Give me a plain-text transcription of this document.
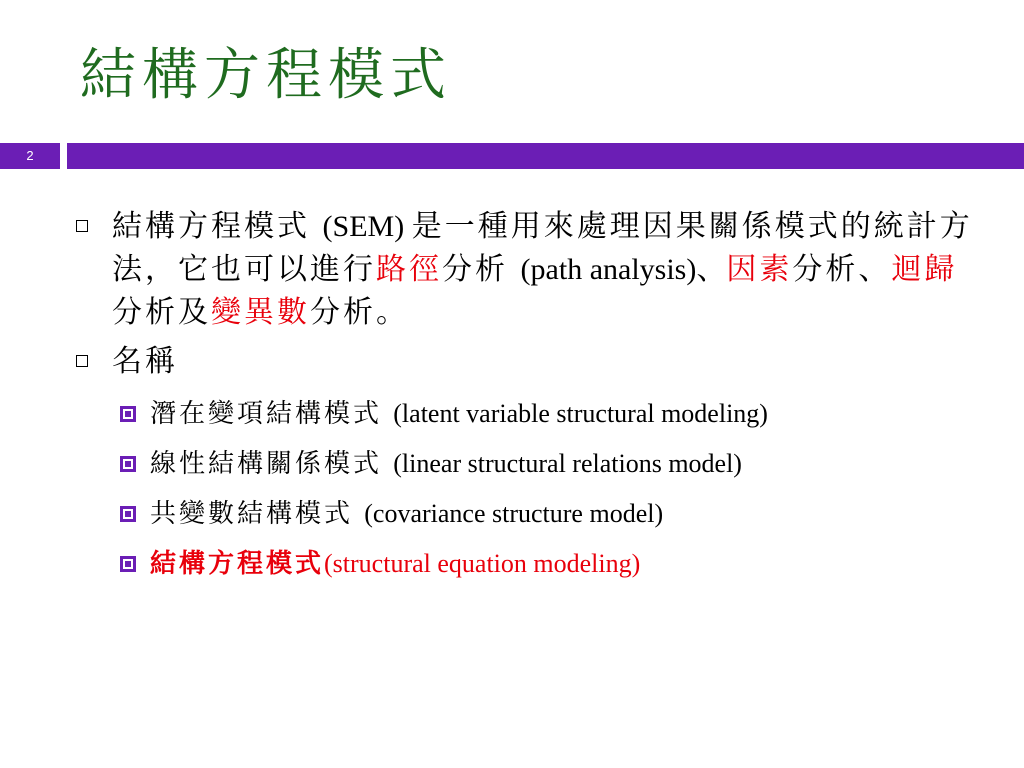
結構方程模式
2
結構方程模式 (SEM) 是一種用來處理因果關係模式的統計方法，它也可以進行路徑分析 (path analysis)、因素分析、迴歸分析及變異數分析。
名稱
潛在變項結構模式 (latent variable structural modeling)
線性結構關係模式 (linear structural relations model)
共變數結構模式 (covariance structure model)
結構方程模式(structural equation modeling)
